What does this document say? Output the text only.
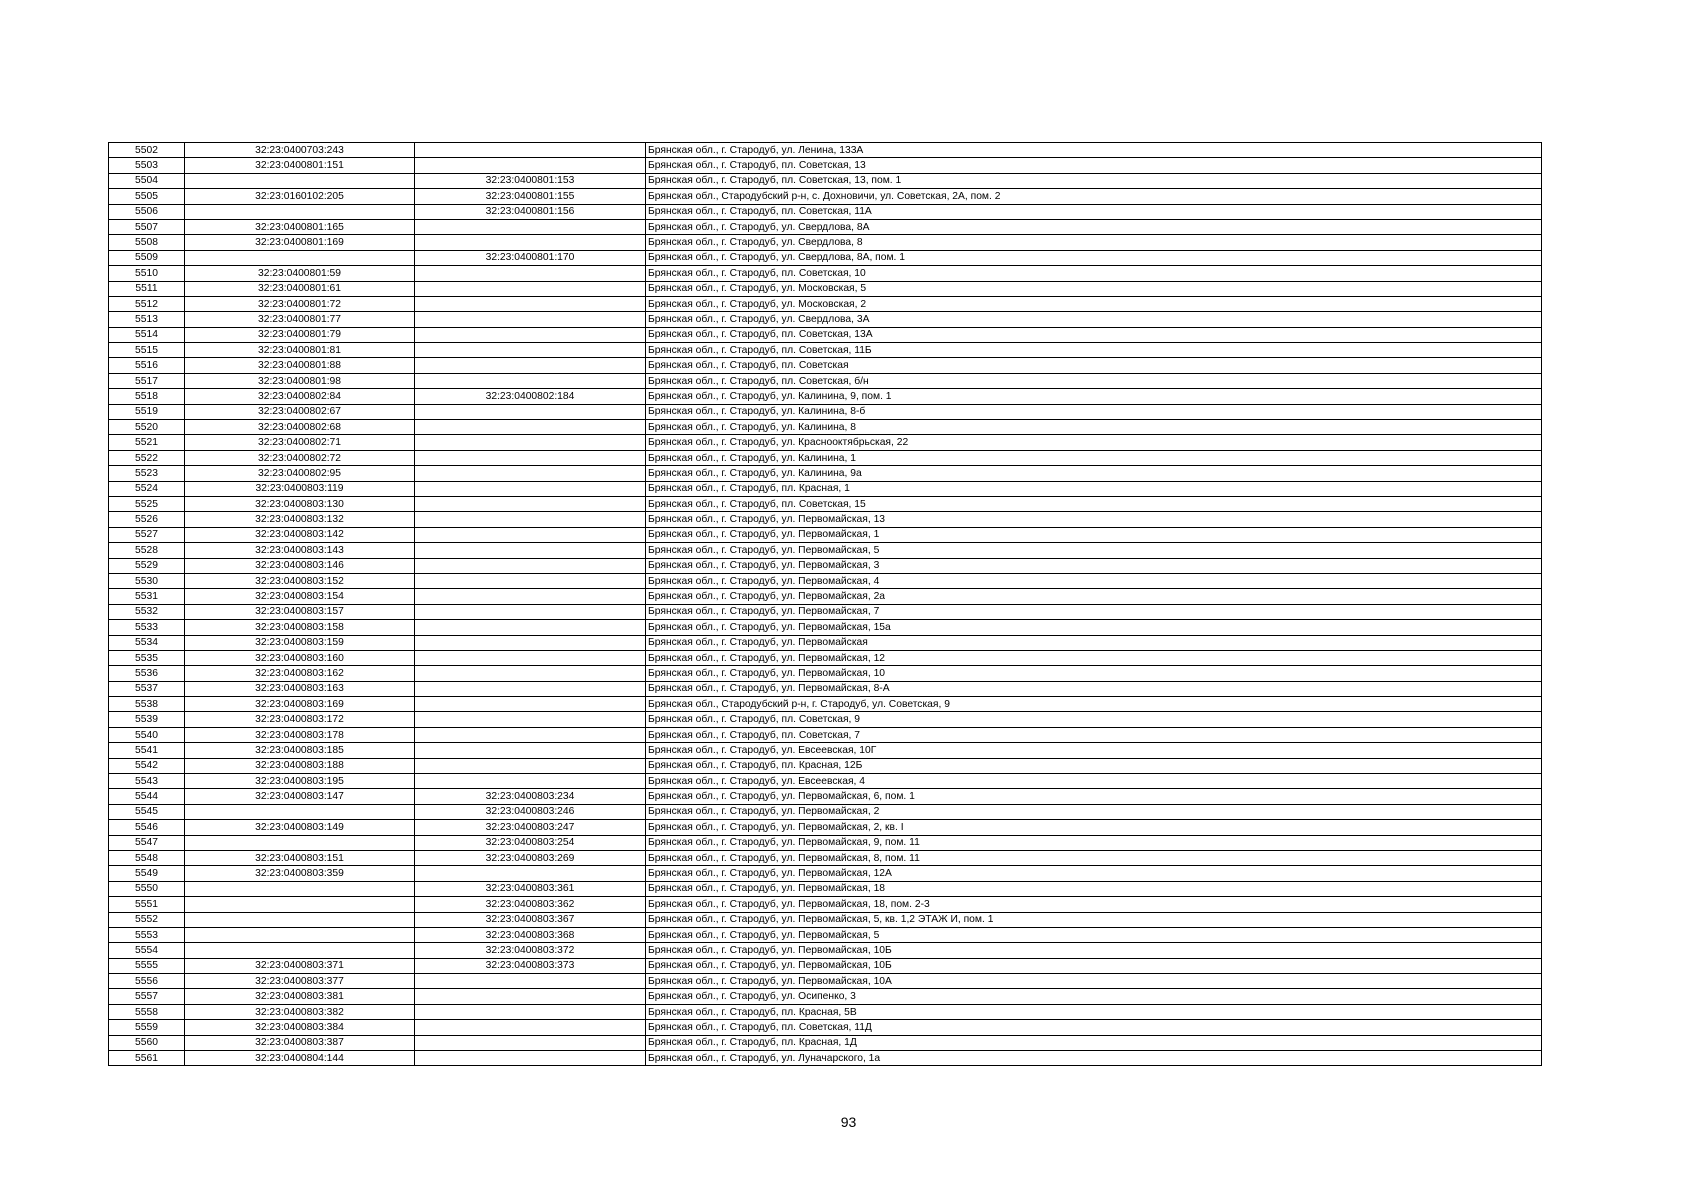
5502	32:23:0400703:243		Брянская обл., г. Стародуб, ул. Ленина, 133А
5503	32:23:0400801:151		Брянская обл., г. Стародуб, пл. Советская, 13
5504		32:23:0400801:153	Брянская обл., г. Стародуб, пл. Советская, 13, пом. 1
5505	32:23:0160102:205	32:23:0400801:155	Брянская обл., Стародубский р-н, с. Дохновичи, ул. Советская, 2А, пом. 2
5506		32:23:0400801:156	Брянская обл., г. Стародуб, пл. Советская, 11А
5507	32:23:0400801:165		Брянская обл., г. Стародуб, ул. Свердлова, 8А
5508	32:23:0400801:169		Брянская обл., г. Стародуб, ул. Свердлова, 8
5509		32:23:0400801:170	Брянская обл., г. Стародуб, ул. Свердлова, 8А, пом. 1
5510	32:23:0400801:59		Брянская обл., г. Стародуб, пл. Советская, 10
5511	32:23:0400801:61		Брянская обл., г. Стародуб, ул. Московская, 5
5512	32:23:0400801:72		Брянская обл., г. Стародуб, ул. Московская, 2
5513	32:23:0400801:77		Брянская обл., г. Стародуб, ул. Свердлова, 3А
5514	32:23:0400801:79		Брянская обл., г. Стародуб, пл. Советская, 13А
5515	32:23:0400801:81		Брянская обл., г. Стародуб, пл. Советская, 11Б
5516	32:23:0400801:88		Брянская обл., г. Стародуб, пл. Советская
5517	32:23:0400801:98		Брянская обл., г. Стародуб, пл. Советская, б/н
5518	32:23:0400802:84	32:23:0400802:184	Брянская обл., г. Стародуб, ул. Калинина, 9, пом. 1
5519	32:23:0400802:67		Брянская обл., г. Стародуб, ул. Калинина, 8-б
5520	32:23:0400802:68		Брянская обл., г. Стародуб, ул. Калинина, 8
5521	32:23:0400802:71		Брянская обл., г. Стародуб, ул. Краснооктябрьская, 22
5522	32:23:0400802:72		Брянская обл., г. Стародуб, ул. Калинина, 1
5523	32:23:0400802:95		Брянская обл., г. Стародуб, ул. Калинина, 9а
5524	32:23:0400803:119		Брянская обл., г. Стародуб, пл. Красная, 1
5525	32:23:0400803:130		Брянская обл., г. Стародуб, пл. Советская, 15
5526	32:23:0400803:132		Брянская обл., г. Стародуб, ул. Первомайская, 13
5527	32:23:0400803:142		Брянская обл., г. Стародуб, ул. Первомайская, 1
5528	32:23:0400803:143		Брянская обл., г. Стародуб, ул. Первомайская, 5
5529	32:23:0400803:146		Брянская обл., г. Стародуб, ул. Первомайская, 3
5530	32:23:0400803:152		Брянская обл., г. Стародуб, ул. Первомайская, 4
5531	32:23:0400803:154		Брянская обл., г. Стародуб, ул. Первомайская, 2а
5532	32:23:0400803:157		Брянская обл., г. Стародуб, ул. Первомайская, 7
5533	32:23:0400803:158		Брянская обл., г. Стародуб, ул. Первомайская, 15а
5534	32:23:0400803:159		Брянская обл., г. Стародуб, ул. Первомайская
5535	32:23:0400803:160		Брянская обл., г. Стародуб, ул. Первомайская, 12
5536	32:23:0400803:162		Брянская обл., г. Стародуб, ул. Первомайская, 10
5537	32:23:0400803:163		Брянская обл., г. Стародуб, ул. Первомайская, 8-А
5538	32:23:0400803:169		Брянская обл., Стародубский р-н, г. Стародуб, ул. Советская, 9
5539	32:23:0400803:172		Брянская обл., г. Стародуб, пл. Советская, 9
5540	32:23:0400803:178		Брянская обл., г. Стародуб, пл. Советская, 7
5541	32:23:0400803:185		Брянская обл., г. Стародуб, ул. Евсеевская, 10Г
5542	32:23:0400803:188		Брянская обл., г. Стародуб, пл. Красная, 12Б
5543	32:23:0400803:195		Брянская обл., г. Стародуб, ул. Евсеевская, 4
5544	32:23:0400803:147	32:23:0400803:234	Брянская обл., г. Стародуб, ул. Первомайская, 6, пом. 1
5545		32:23:0400803:246	Брянская обл., г. Стародуб, ул. Первомайская, 2
5546	32:23:0400803:149	32:23:0400803:247	Брянская обл., г. Стародуб, ул. Первомайская, 2, кв. I
5547		32:23:0400803:254	Брянская обл., г. Стародуб, ул. Первомайская, 9, пом. 11
5548	32:23:0400803:151	32:23:0400803:269	Брянская обл., г. Стародуб, ул. Первомайская, 8, пом. 11
5549	32:23:0400803:359		Брянская обл., г. Стародуб, ул. Первомайская, 12А
5550		32:23:0400803:361	Брянская обл., г. Стародуб, ул. Первомайская, 18
5551		32:23:0400803:362	Брянская обл., г. Стародуб, ул. Первомайская, 18, пом. 2-3
5552		32:23:0400803:367	Брянская обл., г. Стародуб, ул. Первомайская, 5, кв. 1,2 ЭТАЖ И, пом. 1
5553		32:23:0400803:368	Брянская обл., г. Стародуб, ул. Первомайская, 5
5554		32:23:0400803:372	Брянская обл., г. Стародуб, ул. Первомайская, 10Б
5555	32:23:0400803:371	32:23:0400803:373	Брянская обл., г. Стародуб, ул. Первомайская, 10Б
5556	32:23:0400803:377		Брянская обл., г. Стародуб, ул. Первомайская, 10А
5557	32:23:0400803:381		Брянская обл., г. Стародуб, ул. Осипенко, 3
5558	32:23:0400803:382		Брянская обл., г. Стародуб, пл. Красная, 5В
5559	32:23:0400803:384		Брянская обл., г. Стародуб, пл. Советская, 11Д
5560	32:23:0400803:387		Брянская обл., г. Стародуб, пл. Красная, 1Д
5561	32:23:0400804:144		Брянская обл., г. Стародуб, ул. Луначарского, 1а
93
